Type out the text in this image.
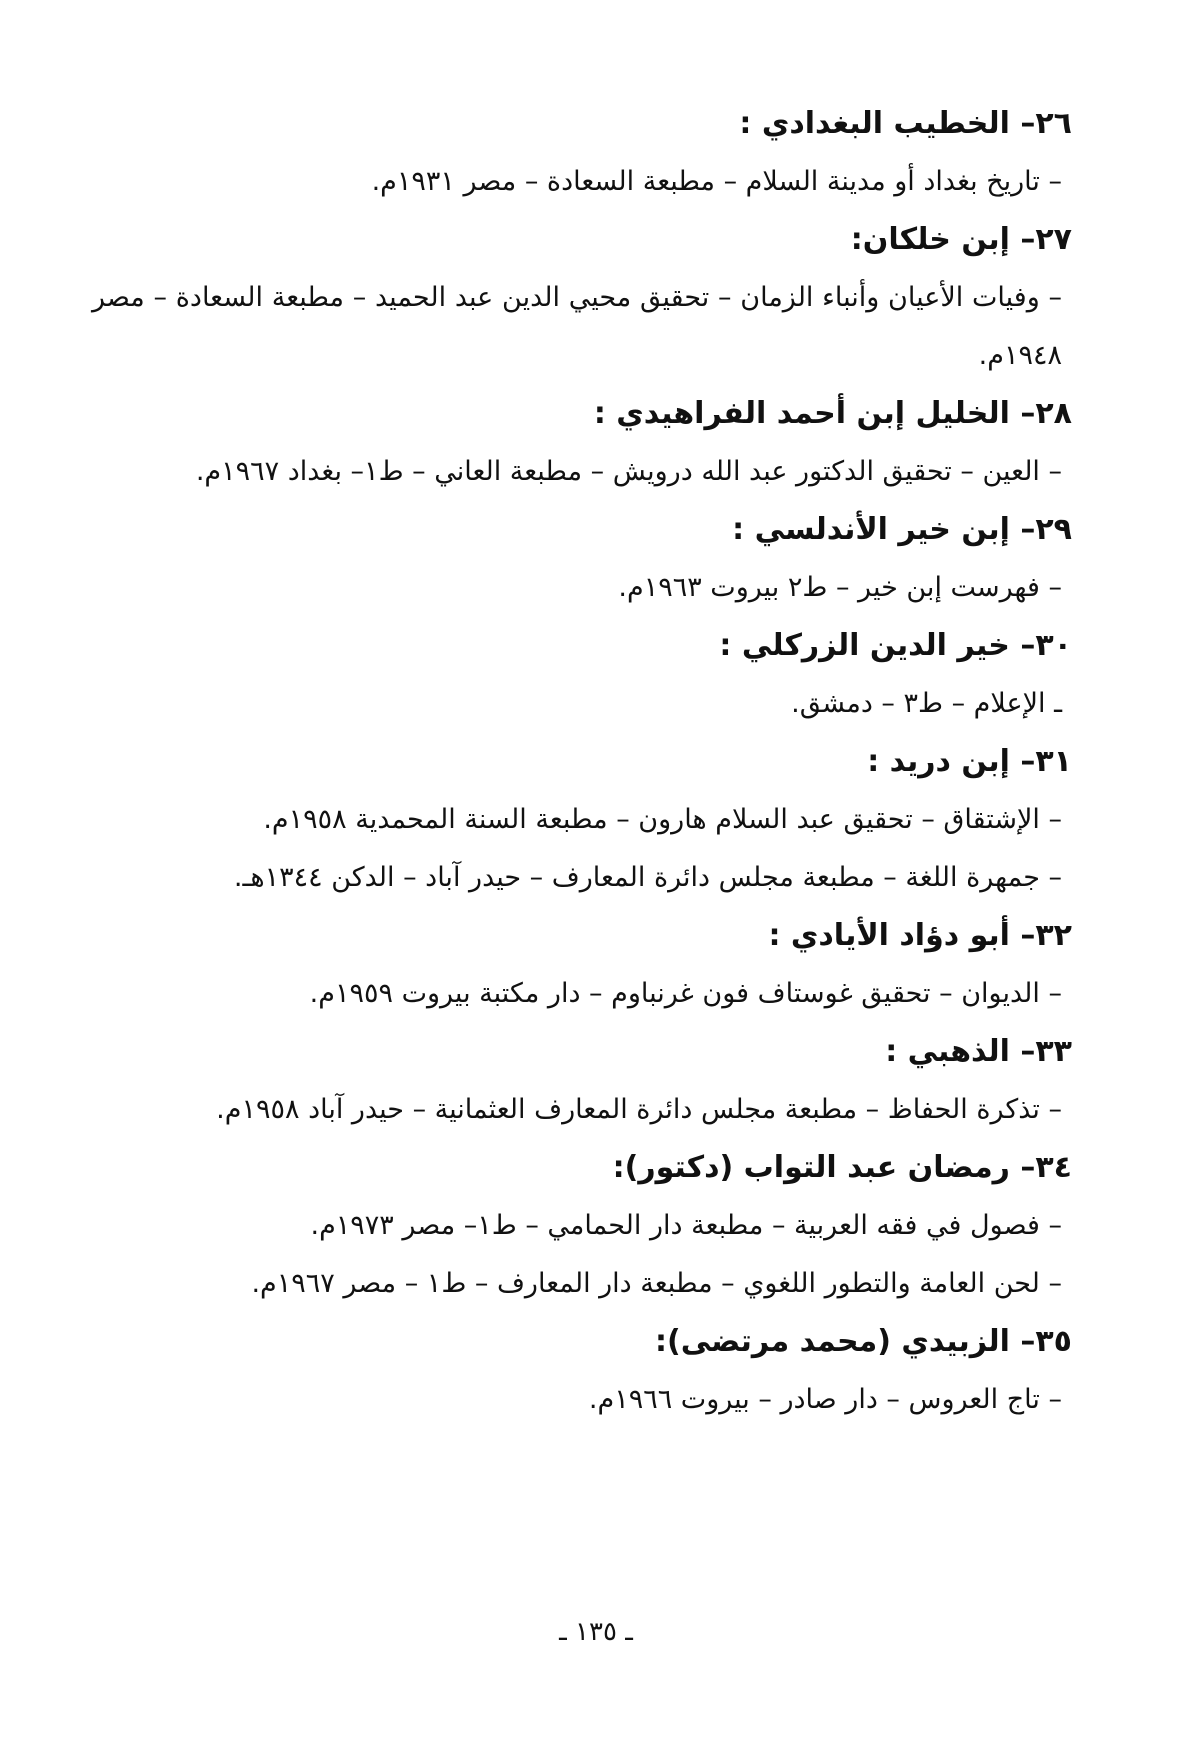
٢٦– الخطيب البغدادي :
– تاريخ بغداد أو مدينة السلام – مطبعة السعادة – مصر ١٩٣١م.
٢٧– إبن خلكان:
– وفيات الأعيان وأنباء الزمان – تحقيق محيي الدين عبد الحميد – مطبعة السعادة – مصر ١٩٤٨م.
٢٨– الخليل إبن أحمد الفراهيدي :
– العين – تحقيق الدكتور عبد الله درويش – مطبعة العاني – ط١– بغداد ١٩٦٧م.
٢٩– إبن خير الأندلسي :
– فهرست إبن خير – ط٢ بيروت ١٩٦٣م.
٣٠– خير الدين الزركلي :
ـ الإعلام – ط٣ – دمشق.
٣١– إبن دريد :
– الإشتقاق – تحقيق عبد السلام هارون – مطبعة السنة المحمدية ١٩٥٨م.
– جمهرة اللغة – مطبعة مجلس دائرة المعارف – حيدر آباد – الدكن ١٣٤٤هـ.
٣٢– أبو دؤاد الأيادي :
– الديوان – تحقيق غوستاف فون غرنباوم – دار مكتبة بيروت ١٩٥٩م.
٣٣– الذهبي :
– تذكرة الحفاظ – مطبعة مجلس دائرة المعارف العثمانية – حيدر آباد ١٩٥٨م.
٣٤– رمضان عبد التواب (دكتور):
– فصول في فقه العربية – مطبعة دار الحمامي – ط١– مصر ١٩٧٣م.
– لحن العامة والتطور اللغوي – مطبعة دار المعارف – ط١ – مصر ١٩٦٧م.
٣٥– الزبيدي (محمد مرتضى):
– تاج العروس – دار صادر – بيروت ١٩٦٦م.
ـ ١٣٥ ـ
